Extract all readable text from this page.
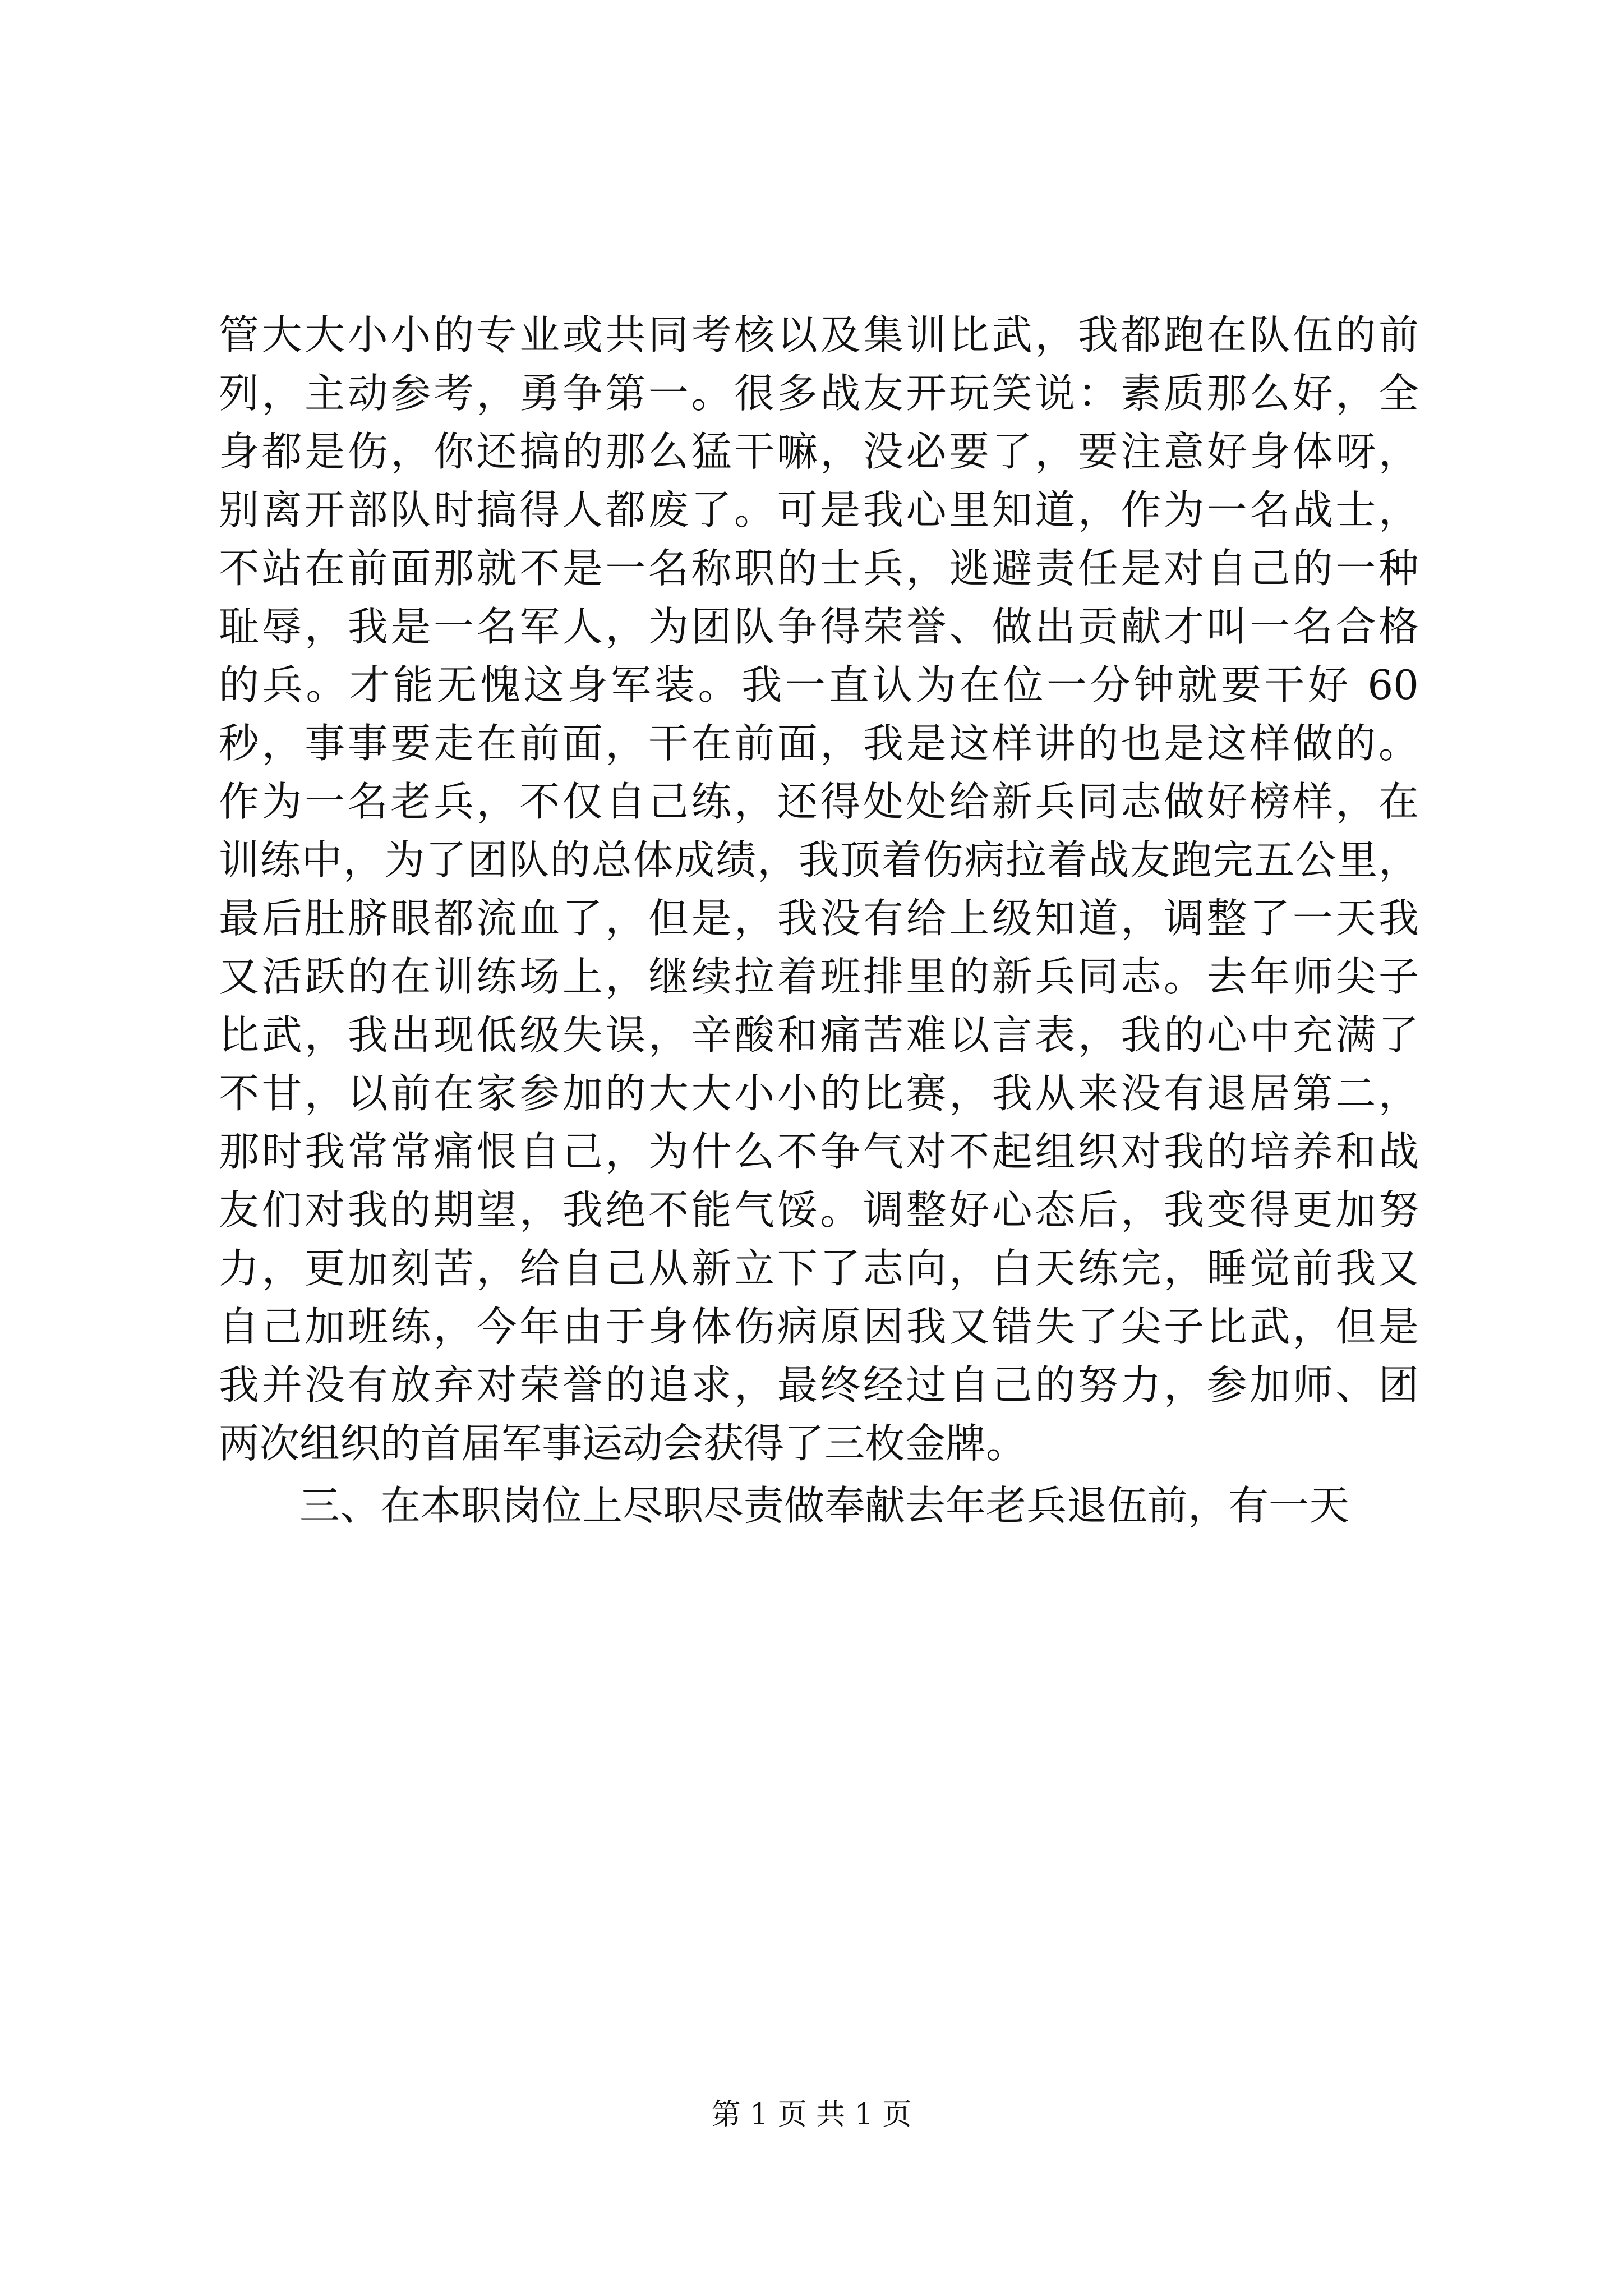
管大大小小的专业或共同考核以及集训比武，我都跑在队伍的前
列，主动参考，勇争第一。很多战友开玩笑说：素质那么好，全
身都是伤，你还搞的那么猛干嘛，没必要了，要注意好身体呀，
别离开部队时搞得人都废了。可是我心里知道，作为一名战士，
不站在前面那就不是一名称职的士兵，逃避责任是对自己的一种
耻辱，我是一名军人，为团队争得荣誉、做出贡献才叫一名合格
的兵。才能无愧这身军装。我一直认为在位一分钟就要干好 60
秒，事事要走在前面，干在前面，我是这样讲的也是这样做的。
作为一名老兵，不仅自己练，还得处处给新兵同志做好榜样，在
训练中，为了团队的总体成绩，我顶着伤病拉着战友跑完五公里，
最后肚脐眼都流血了，但是，我没有给上级知道，调整了一天我
又活跃的在训练场上，继续拉着班排里的新兵同志。去年师尖子
比武，我出现低级失误，辛酸和痛苦难以言表，我的心中充满了
不甘，以前在家参加的大大小小的比赛，我从来没有退居第二，
那时我常常痛恨自己，为什么不争气对不起组织对我的培养和战
友们对我的期望，我绝不能气馁。调整好心态后，我变得更加努
力，更加刻苦，给自己从新立下了志向，白天练完，睡觉前我又
自己加班练，今年由于身体伤病原因我又错失了尖子比武，但是
我并没有放弃对荣誉的追求，最终经过自己的努力，参加师、团
两次组织的首届军事运动会获得了三枚金牌。
三、在本职岗位上尽职尽责做奉献去年老兵退伍前，有一天
第 1 页 共 1 页
